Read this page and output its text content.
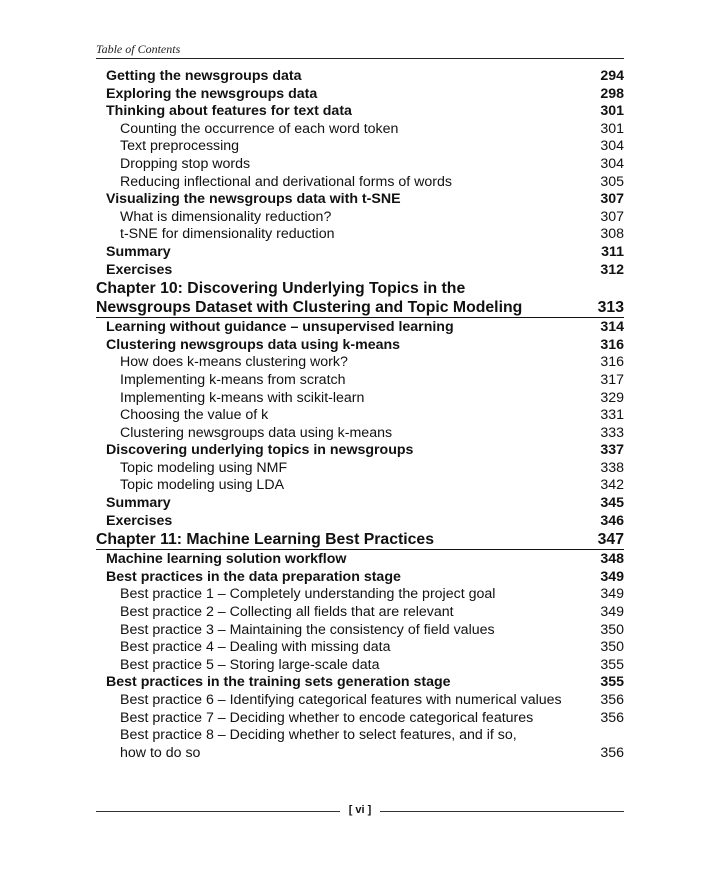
Table of Contents
Getting the newsgroups data	294
Exploring the newsgroups data	298
Thinking about features for text data	301
Counting the occurrence of each word token	301
Text preprocessing	304
Dropping stop words	304
Reducing inflectional and derivational forms of words	305
Visualizing the newsgroups data with t-SNE	307
What is dimensionality reduction?	307
t-SNE for dimensionality reduction	308
Summary	311
Exercises	312
Chapter 10: Discovering Underlying Topics in the
Newsgroups Dataset with Clustering and Topic Modeling	313
Learning without guidance – unsupervised learning	314
Clustering newsgroups data using k-means	316
How does k-means clustering work?	316
Implementing k-means from scratch	317
Implementing k-means with scikit-learn	329
Choosing the value of k	331
Clustering newsgroups data using k-means	333
Discovering underlying topics in newsgroups	337
Topic modeling using NMF	338
Topic modeling using LDA	342
Summary	345
Exercises	346
Chapter 11: Machine Learning Best Practices	347
Machine learning solution workflow	348
Best practices in the data preparation stage	349
Best practice 1 – Completely understanding the project goal	349
Best practice 2 – Collecting all fields that are relevant	349
Best practice 3 – Maintaining the consistency of field values	350
Best practice 4 – Dealing with missing data	350
Best practice 5 – Storing large-scale data	355
Best practices in the training sets generation stage	355
Best practice 6 – Identifying categorical features with numerical values	356
Best practice 7 – Deciding whether to encode categorical features	356
Best practice 8 – Deciding whether to select features, and if so,
how to do so	356
[ vi ]
